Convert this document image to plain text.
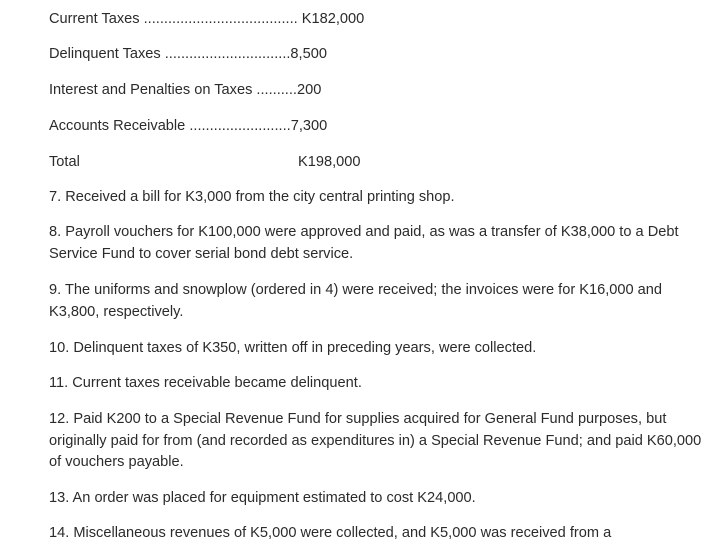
Current Taxes ...................................... K182,000
Delinquent Taxes ...............................8,500
Interest and Penalties on Taxes ..........200
Accounts Receivable .........................7,300
Total	K198,000
7. Received a bill for K3,000 from the city central printing shop.
8. Payroll vouchers for K100,000 were approved and paid, as was a transfer of K38,000 to a Debt Service Fund to cover serial bond debt service.
9. The uniforms and snowplow (ordered in 4) were received; the invoices were for K16,000 and K3,800, respectively.
10. Delinquent taxes of K350, written off in preceding years, were collected.
11. Current taxes receivable became delinquent.
12. Paid K200 to a Special Revenue Fund for supplies acquired for General Fund purposes, but originally paid for from (and recorded as expenditures in) a Special Revenue Fund; and paid K60,000 of vouchers payable.
13. An order was placed for equipment estimated to cost K24,000.
14. Miscellaneous revenues of K5,000 were collected, and K5,000 was received from a
